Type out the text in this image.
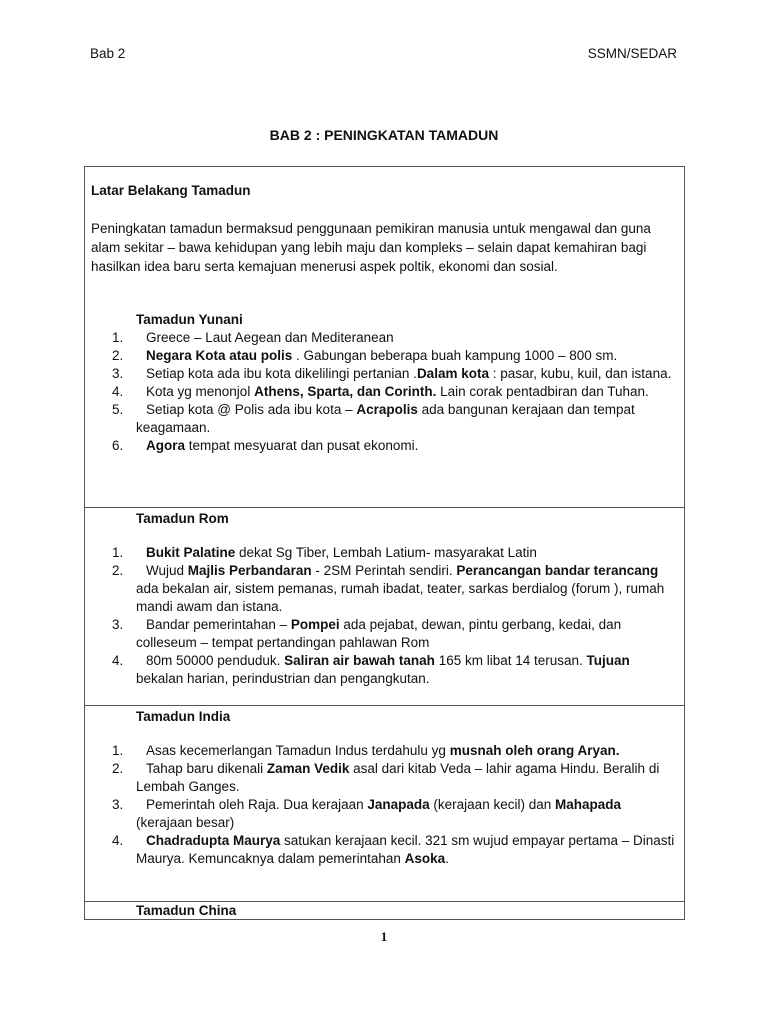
Bab 2	SSMN/SEDAR
BAB 2 : PENINGKATAN TAMADUN
Latar Belakang Tamadun
Peningkatan tamadun bermaksud penggunaan pemikiran manusia untuk mengawal dan guna alam sekitar – bawa kehidupan yang lebih maju dan kompleks – selain dapat kemahiran bagi hasilkan idea baru serta kemajuan menerusi aspek poltik, ekonomi dan sosial.
Tamadun Yunani
1.	Greece – Laut Aegean dan Mediteranean
2.	Negara Kota atau polis . Gabungan beberapa buah kampung 1000 – 800 sm.
3.	Setiap kota ada ibu kota dikelilingi pertanian .Dalam kota : pasar, kubu, kuil, dan istana.
4.	Kota yg menonjol Athens, Sparta, dan Corinth. Lain corak pentadbiran dan Tuhan.
5.	Setiap kota @ Polis ada ibu kota – Acrapolis ada bangunan kerajaan dan tempat keagamaan.
6.	Agora tempat mesyuarat dan pusat ekonomi.
Tamadun Rom
1.	Bukit Palatine dekat Sg Tiber, Lembah Latium- masyarakat Latin
2.	Wujud Majlis Perbandaran - 2SM Perintah sendiri. Perancangan bandar terancang ada bekalan air, sistem pemanas, rumah ibadat, teater, sarkas berdialog (forum ), rumah mandi awam dan istana.
3.	Bandar pemerintahan – Pompei ada pejabat, dewan, pintu gerbang, kedai, dan colleseum – tempat pertandingan pahlawan Rom
4.	80m 50000 penduduk. Saliran air bawah tanah 165 km libat 14 terusan. Tujuan bekalan harian, perindustrian dan pengangkutan.
Tamadun India
1.	Asas kecemerlangan Tamadun Indus terdahulu yg musnah oleh orang Aryan.
2.	Tahap baru dikenali Zaman Vedik asal dari kitab Veda – lahir agama Hindu. Beralih di Lembah Ganges.
3.	Pemerintah oleh Raja. Dua kerajaan Janapada (kerajaan kecil) dan Mahapada (kerajaan besar)
4.	Chadradupta Maurya satukan kerajaan kecil. 321 sm wujud empayar pertama – Dinasti Maurya. Kemuncaknya dalam pemerintahan Asoka.
Tamadun China
1
